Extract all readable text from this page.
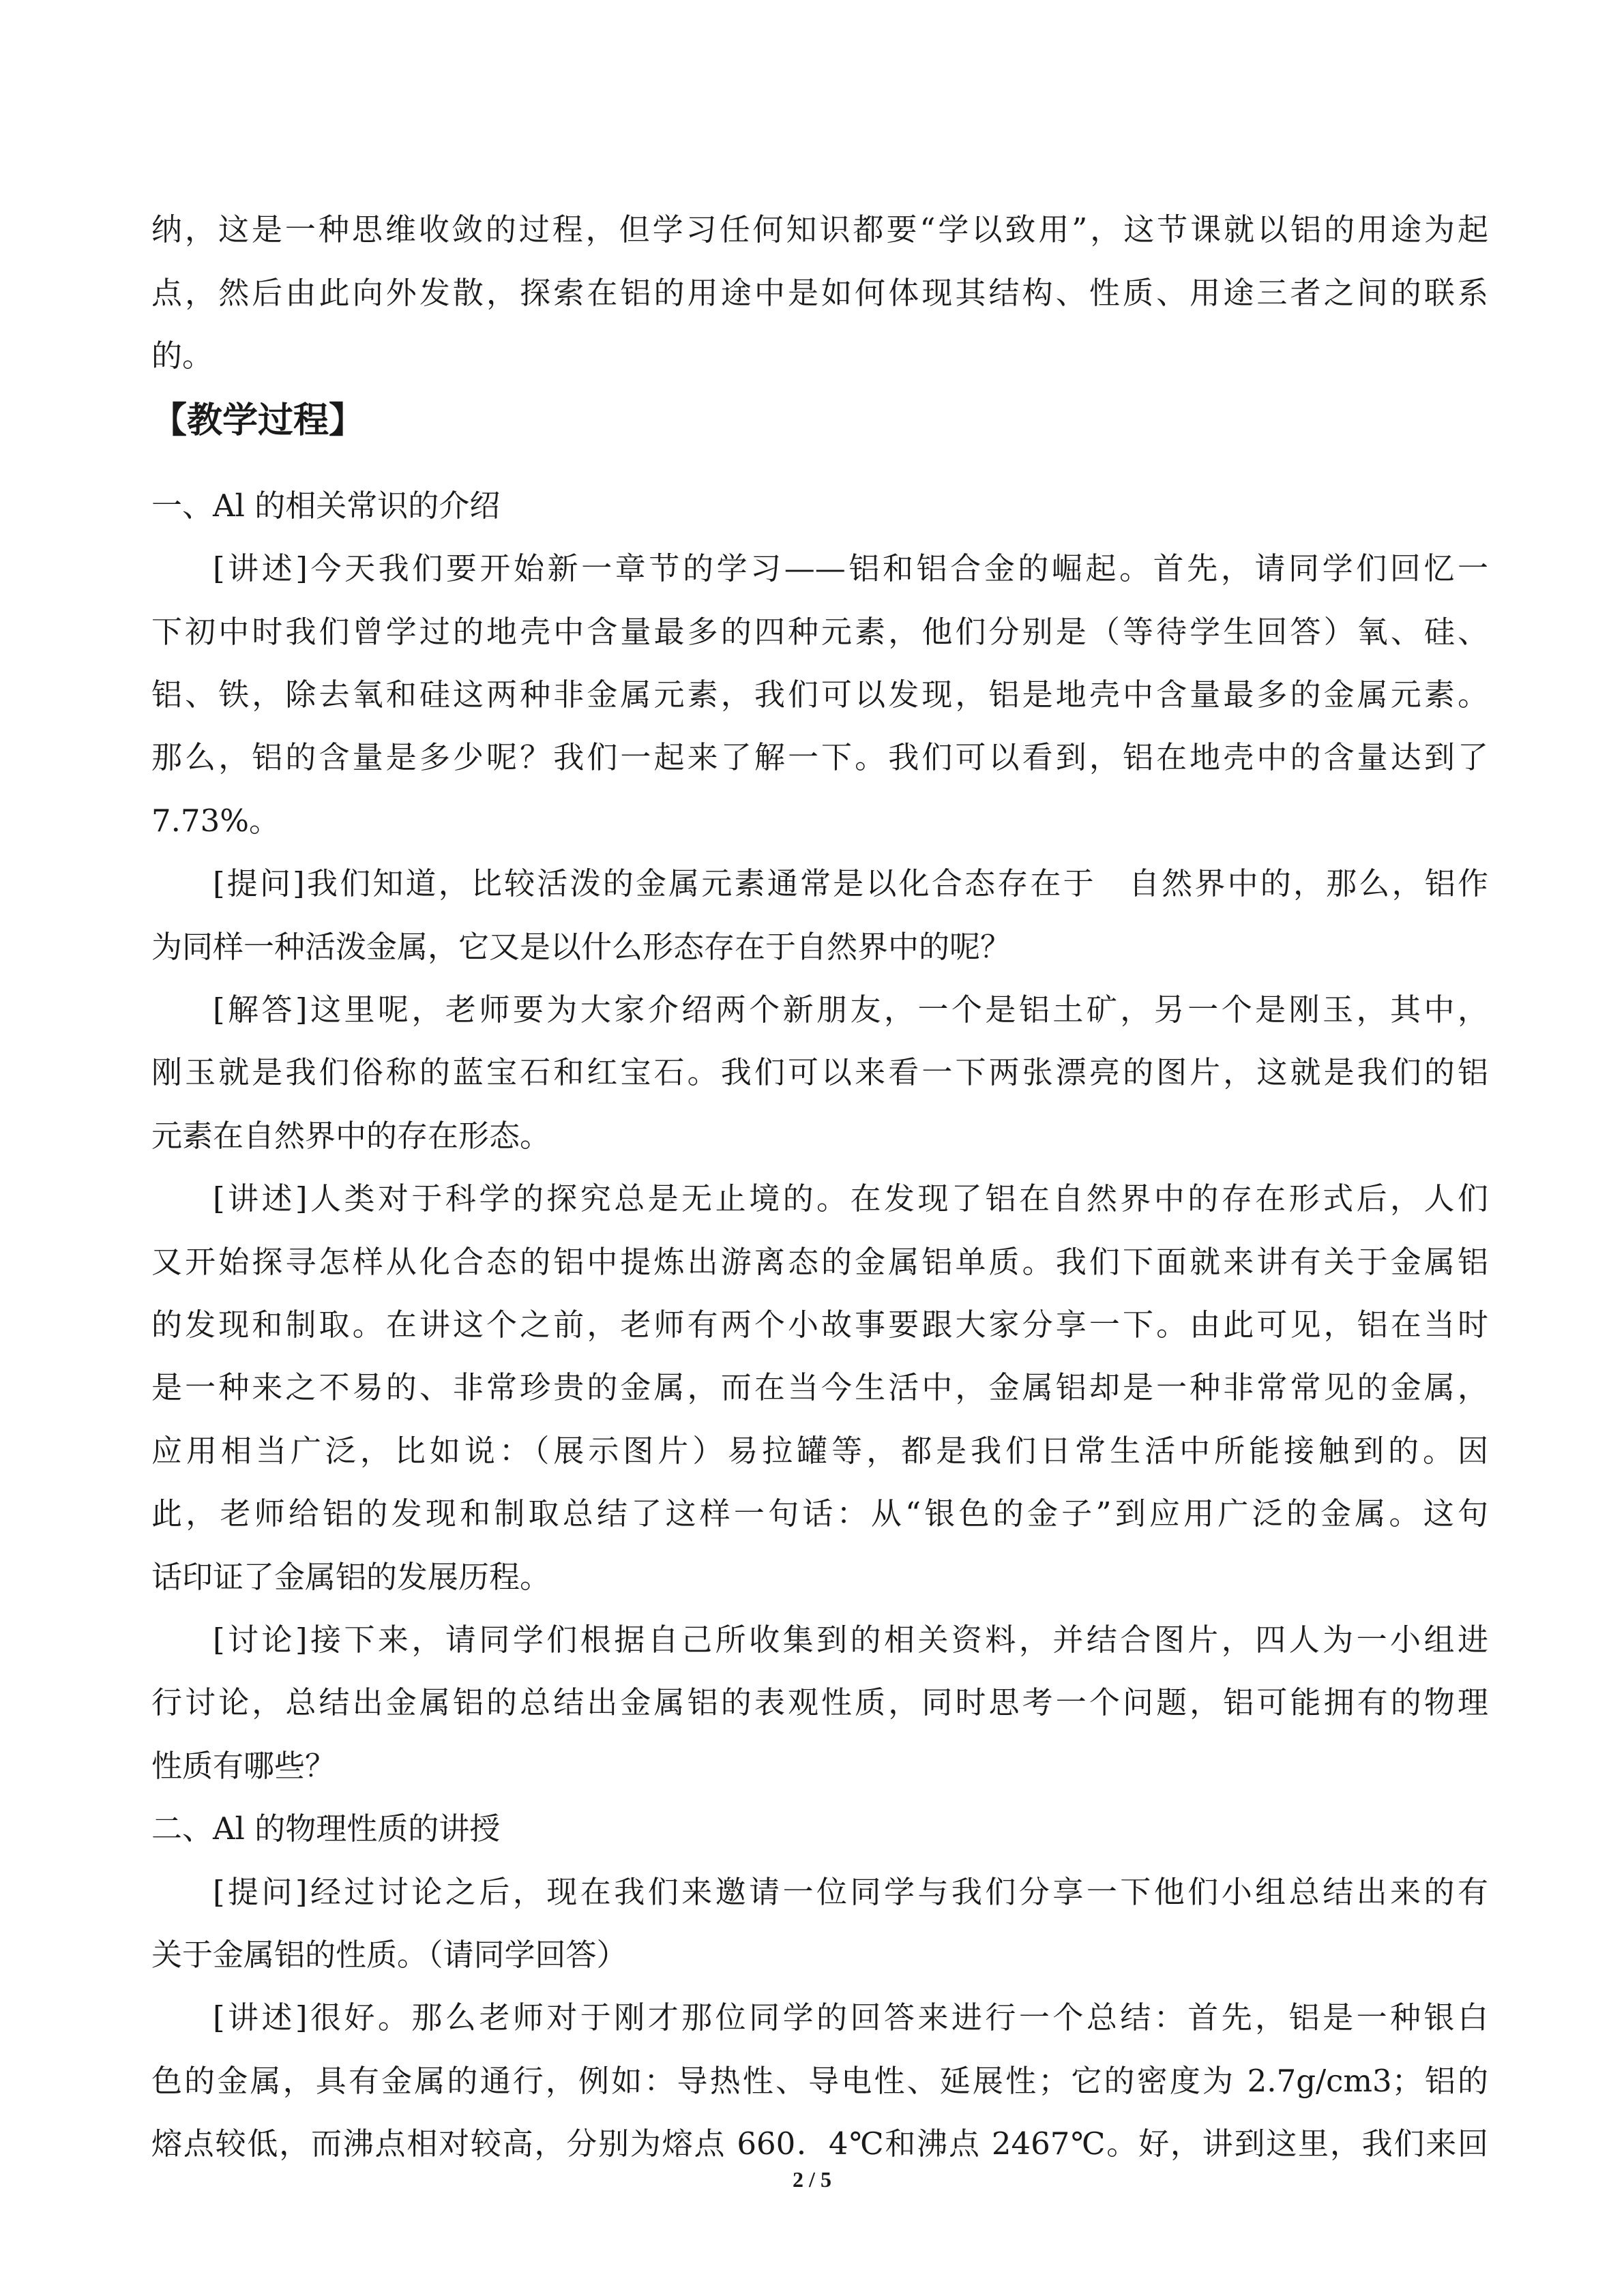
纳，这是一种思维收敛的过程，但学习任何知识都要“学以致用”，这节课就以铝的用途为起
点，然后由此向外发散，探索在铝的用途中是如何体现其结构、性质、用途三者之间的联系
的。
【教学过程】
一、Al 的相关常识的介绍
[讲述]今天我们要开始新一章节的学习——铝和铝合金的崛起。首先，请同学们回忆一
下初中时我们曾学过的地壳中含量最多的四种元素，他们分别是（等待学生回答）氧、硅、
铝、铁，除去氧和硅这两种非金属元素，我们可以发现，铝是地壳中含量最多的金属元素。
那么，铝的含量是多少呢？我们一起来了解一下。我们可以看到，铝在地壳中的含量达到了
7.73%。
[提问]我们知道，比较活泼的金属元素通常是以化合态存在于　自然界中的，那么，铝作
为同样一种活泼金属，它又是以什么形态存在于自然界中的呢？
[解答]这里呢，老师要为大家介绍两个新朋友，一个是铝土矿，另一个是刚玉，其中，
刚玉就是我们俗称的蓝宝石和红宝石。我们可以来看一下两张漂亮的图片，这就是我们的铝
元素在自然界中的存在形态。
[讲述]人类对于科学的探究总是无止境的。在发现了铝在自然界中的存在形式后，人们
又开始探寻怎样从化合态的铝中提炼出游离态的金属铝单质。我们下面就来讲有关于金属铝
的发现和制取。在讲这个之前，老师有两个小故事要跟大家分享一下。由此可见，铝在当时
是一种来之不易的、非常珍贵的金属，而在当今生活中，金属铝却是一种非常常见的金属，
应用相当广泛，比如说：（展示图片）易拉罐等，都是我们日常生活中所能接触到的。因
此，老师给铝的发现和制取总结了这样一句话：从“银色的金子”到应用广泛的金属。这句
话印证了金属铝的发展历程。
[讨论]接下来，请同学们根据自己所收集到的相关资料，并结合图片，四人为一小组进
行讨论，总结出金属铝的总结出金属铝的表观性质，同时思考一个问题，铝可能拥有的物理
性质有哪些？
二、Al 的物理性质的讲授
[提问]经过讨论之后，现在我们来邀请一位同学与我们分享一下他们小组总结出来的有
关于金属铝的性质。（请同学回答）
[讲述]很好。那么老师对于刚才那位同学的回答来进行一个总结：首先，铝是一种银白
色的金属，具有金属的通行，例如：导热性、导电性、延展性；它的密度为 2.7g/cm3；铝的
熔点较低，而沸点相对较高，分别为熔点 660．4℃和沸点 2467℃。好，讲到这里，我们来回
2 / 5
